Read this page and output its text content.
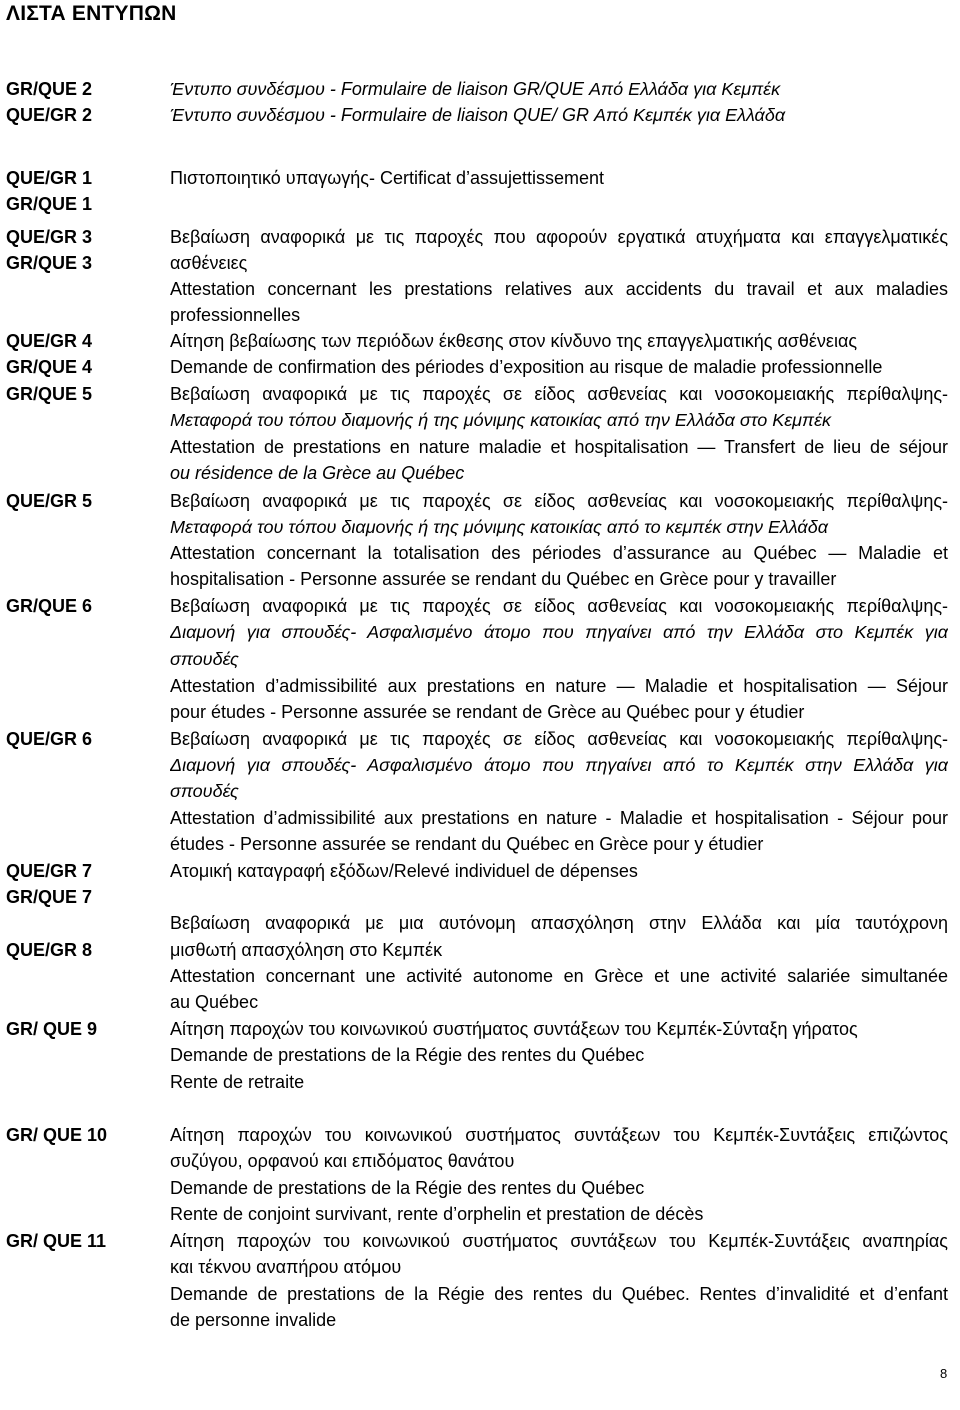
ΛΙΣΤΑ ΕΝΤΥΠΩΝ
GR/QUE 2
QUE/GR 2
QUE/GR 1
GR/QUE 1
QUE/GR 3
GR/QUE 3
QUE/GR 4
GR/QUE 4
GR/QUE 5
QUE/GR 5
GR/QUE 6
QUE/GR 6
QUE/GR 7
GR/QUE 7
QUE/GR 8
GR/ QUE 9
GR/ QUE 10
GR/ QUE 11
Έντυπο συνδέσμου - Formulaire de liaison GR/QUE Από Ελλάδα για Κεμπέκ
Έντυπο συνδέσμου - Formulaire de liaison QUE/ GR Από Κεμπέκ για Ελλάδα
Πιστοποιητικό υπαγωγής- Certificat d’assujettissement
Βεβαίωση αναφορικά με τις παροχές που αφορούν εργατικά ατυχήματα και επαγγελματικές
ασθένειες
Attestation concernant les prestations relatives aux accidents du travail et aux maladies
professionnelles
Αίτηση βεβαίωσης των περιόδων έκθεσης στον κίνδυνο της επαγγελματικής ασθένειας
Demande de confirmation des périodes d’exposition au risque de maladie professionnelle
Βεβαίωση αναφορικά με τις παροχές σε είδος ασθενείας και νοσοκομειακής περίθαλψης-
Μεταφορά του τόπου διαμονής ή της μόνιμης κατοικίας από την Ελλάδα στο Κεμπέκ
Attestation de prestations en nature maladie et hospitalisation — Transfert de lieu de séjour
ou résidence de la Grèce au Québec
Βεβαίωση αναφορικά με τις παροχές σε είδος ασθενείας και νοσοκομειακής περίθαλψης-
Μεταφορά του τόπου διαμονής ή της μόνιμης κατοικίας από το κεμπέκ στην Ελλάδα
Attestation concernant la totalisation des périodes d’assurance au Québec — Maladie et
hospitalisation - Personne assurée se rendant du Québec en Grèce pour y travailler
Βεβαίωση αναφορικά με τις παροχές σε είδος ασθενείας και νοσοκομειακής περίθαλψης-
Διαμονή για σπουδές- Ασφαλισμένο άτομο που πηγαίνει από την Ελλάδα στο Κεμπέκ για
σπουδές
Attestation d’admissibilité aux prestations en nature — Maladie et hospitalisation — Séjour
pour études - Personne assurée se rendant de Grèce au Québec pour y étudier
Βεβαίωση αναφορικά με τις παροχές σε είδος ασθενείας και νοσοκομειακής περίθαλψης-
Διαμονή για σπουδές- Ασφαλισμένο άτομο που πηγαίνει από το Κεμπέκ στην Ελλάδα για
σπουδές
Attestation d’admissibilité aux prestations en nature - Maladie et hospitalisation - Séjour pour
études - Personne assurée se rendant du Québec en Grèce pour y étudier
Ατομική καταγραφή εξόδων/Relevé individuel de dépenses
Βεβαίωση αναφορικά με μια αυτόνομη απασχόληση στην Ελλάδα και μία ταυτόχρονη
μισθωτή απασχόληση στο Κεμπέκ
Attestation concernant une activité autonome en Grèce et une activité salariée simultanée
au Québec
Αίτηση παροχών του κοινωνικού συστήματος συντάξεων του Κεμπέκ-Σύνταξη γήρατος
Demande de prestations de la Régie des rentes du Québec
Rente de retraite
Αίτηση παροχών του κοινωνικού συστήματος συντάξεων του Κεμπέκ-Συντάξεις επιζώντος
συζύγου, ορφανού και επιδόματος θανάτου
Demande de prestations de la Régie des rentes du Québec
Rente de conjoint survivant, rente d’orphelin et prestation de décès
Αίτηση παροχών του κοινωνικού συστήματος συντάξεων του Κεμπέκ-Συντάξεις αναπηρίας
και τέκνου αναπήρου ατόμου
Demande de prestations de la Régie des rentes du Québec. Rentes d’invalidité et d’enfant
de personne invalide
8
